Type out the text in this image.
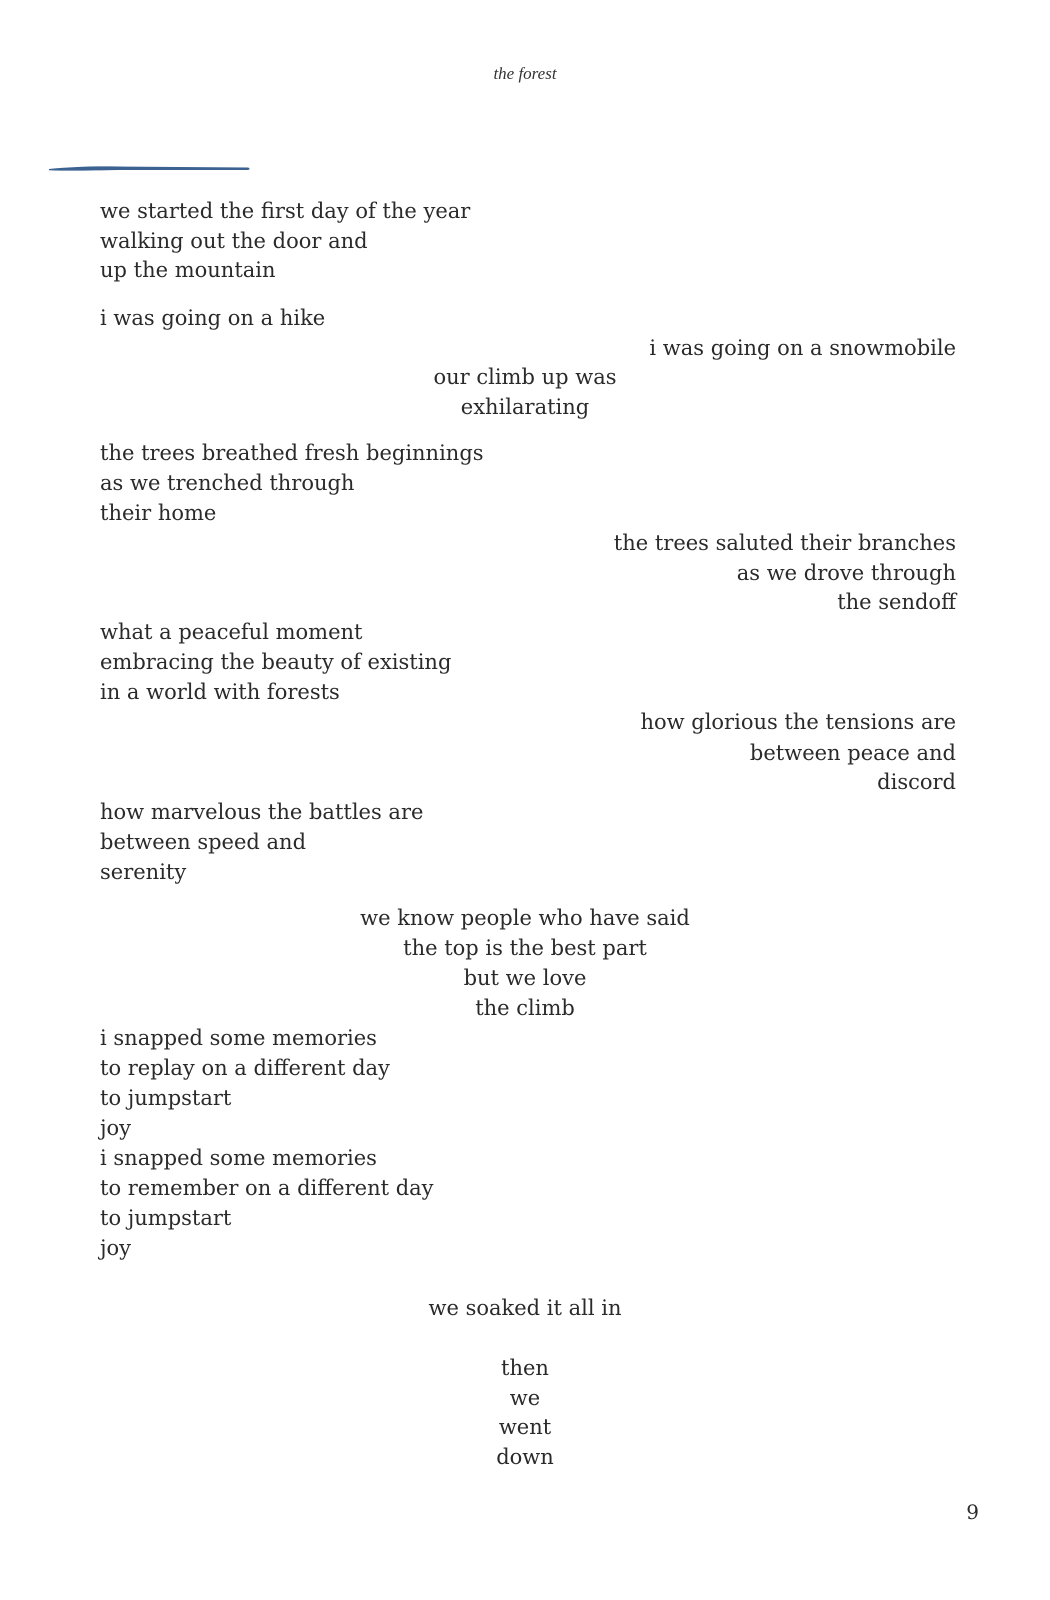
the forest
we started the first day of the year
walking out the door and
up the mountain
i was going on a hike
i was going on a snowmobile
our climb up was
exhilarating
the trees breathed fresh beginnings
as we trenched through
their home
the trees saluted their branches
as we drove through
the sendoff
what a peaceful moment
embracing the beauty of existing
in a world with forests
how glorious the tensions are
between peace and
discord
how marvelous the battles are
between speed and
serenity
we know people who have said
the top is the best part
but we love
the climb
i snapped some memories
to replay on a different day
to jumpstart
joy
i snapped some memories
to remember on a different day
to jumpstart
joy
we soaked it all in
then
we
went
down
9
